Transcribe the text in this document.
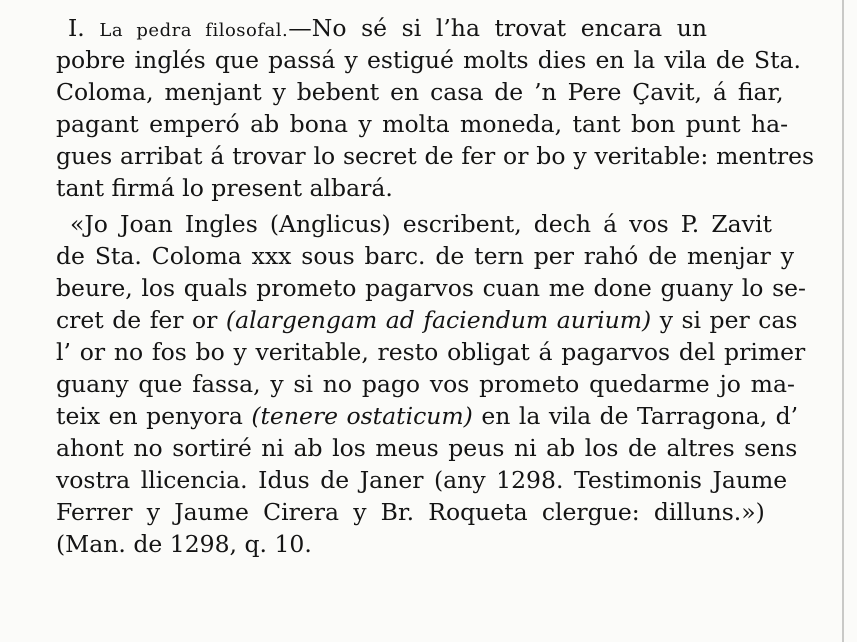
I. La pedra filosofal.—No sé si l’ha trovat encara un
pobre inglés que passá y estigué molts dies en la vila de Sta.
Coloma, menjant y bebent en casa de ’n Pere Çavit, á fiar,
pagant emperó ab bona y molta moneda, tant bon punt ha-
gues arribat á trovar lo secret de fer or bo y veritable: mentres
tant firmá lo present albará.
«Jo Joan Ingles (Anglicus) escribent, dech á vos P. Zavit
de Sta. Coloma xxx sous barc. de tern per rahó de menjar y
beure, los quals prometo pagarvos cuan me done guany lo se-
cret de fer or (alargengam ad faciendum aurium) y si per cas
l’ or no fos bo y veritable, resto obligat á pagarvos del primer
guany que fassa, y si no pago vos prometo quedarme jo ma-
teix en penyora (tenere ostaticum) en la vila de Tarragona, d’
ahont no sortiré ni ab los meus peus ni ab los de altres sens
vostra llicencia. Idus de Janer (any 1298. Testimonis Jaume
Ferrer y Jaume Cirera y Br. Roqueta clergue: dilluns.»)
(Man. de 1298, q. 10.
